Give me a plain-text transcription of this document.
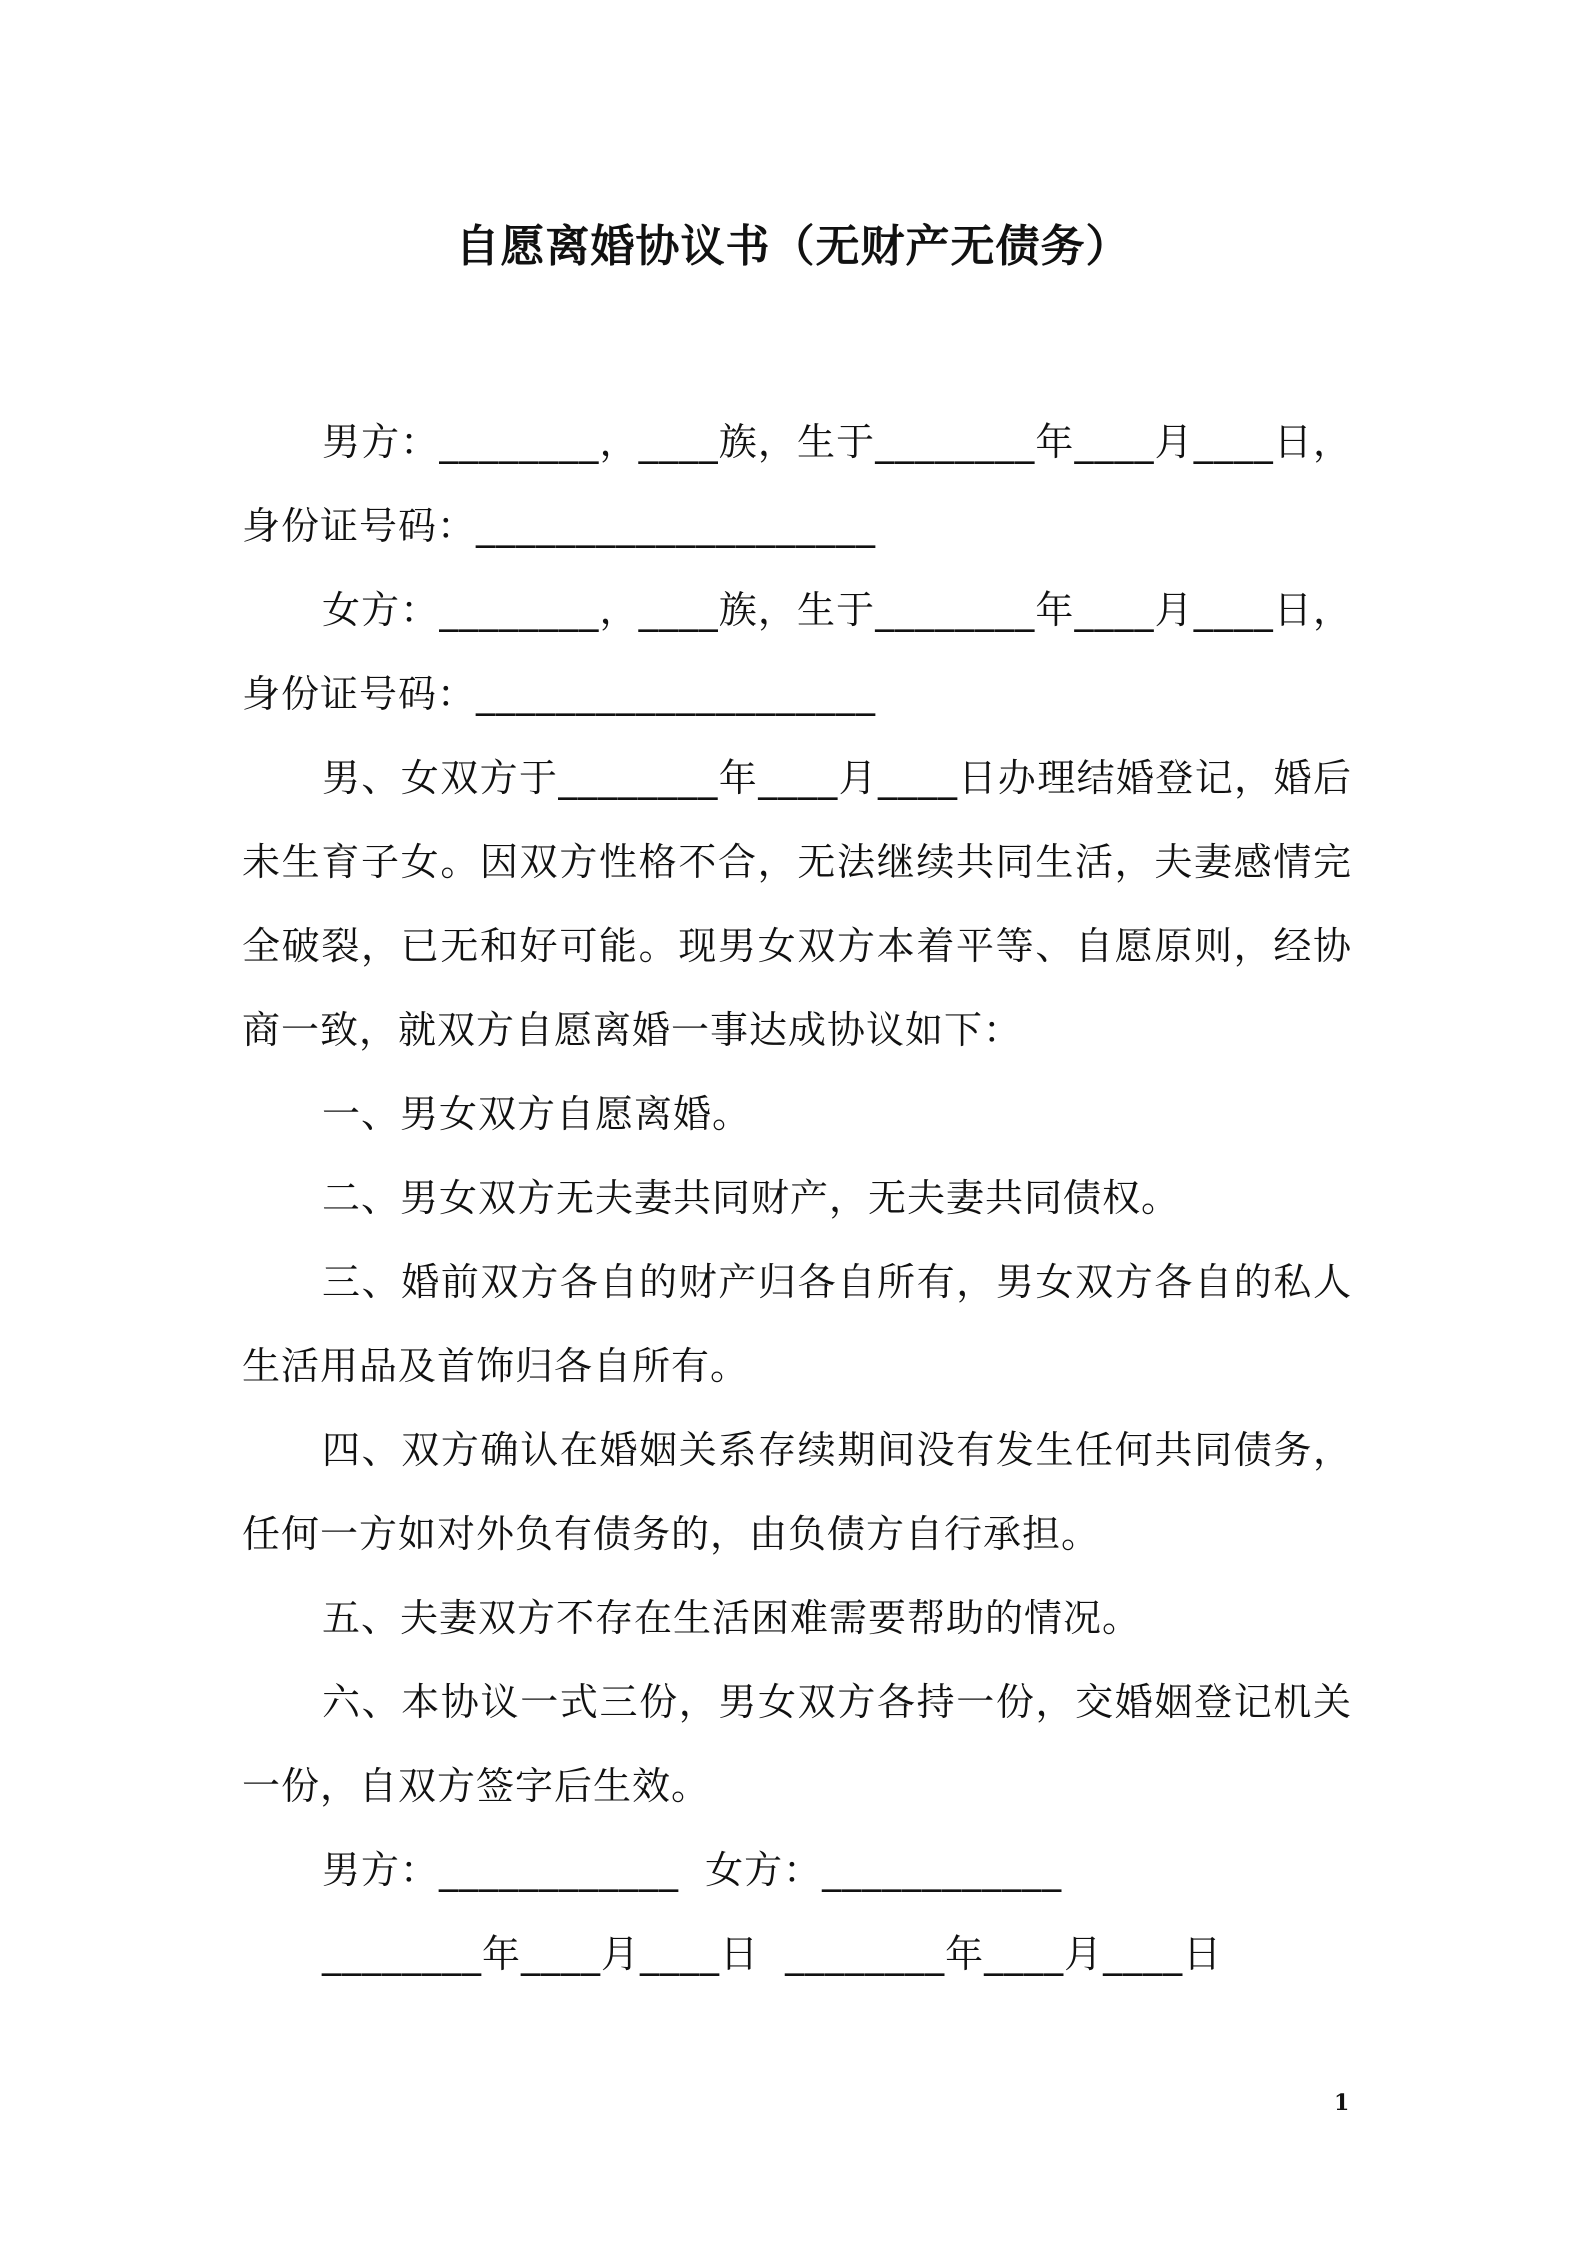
自愿离婚协议书（无财产无债务）

男方：________，____族，生于________年____月____日，身份证号码：____________________

女方：________，____族，生于________年____月____日，身份证号码：____________________

男、女双方于________年____月____日办理结婚登记，婚后未生育子女。因双方性格不合，无法继续共同生活，夫妻感情完全破裂，已无和好可能。现男女双方本着平等、自愿原则，经协商一致，就双方自愿离婚一事达成协议如下：

一、男女双方自愿离婚。

二、男女双方无夫妻共同财产，无夫妻共同债权。

三、婚前双方各自的财产归各自所有，男女双方各自的私人生活用品及首饰归各自所有。

四、双方确认在婚姻关系存续期间没有发生任何共同债务，任何一方如对外负有债务的，由负债方自行承担。

五、夫妻双方不存在生活困难需要帮助的情况。

六、本协议一式三份，男女双方各持一份，交婚姻登记机关一份，自双方签字后生效。

男方：____________  女方：____________

________年____月____日  ________年____月____日

1
